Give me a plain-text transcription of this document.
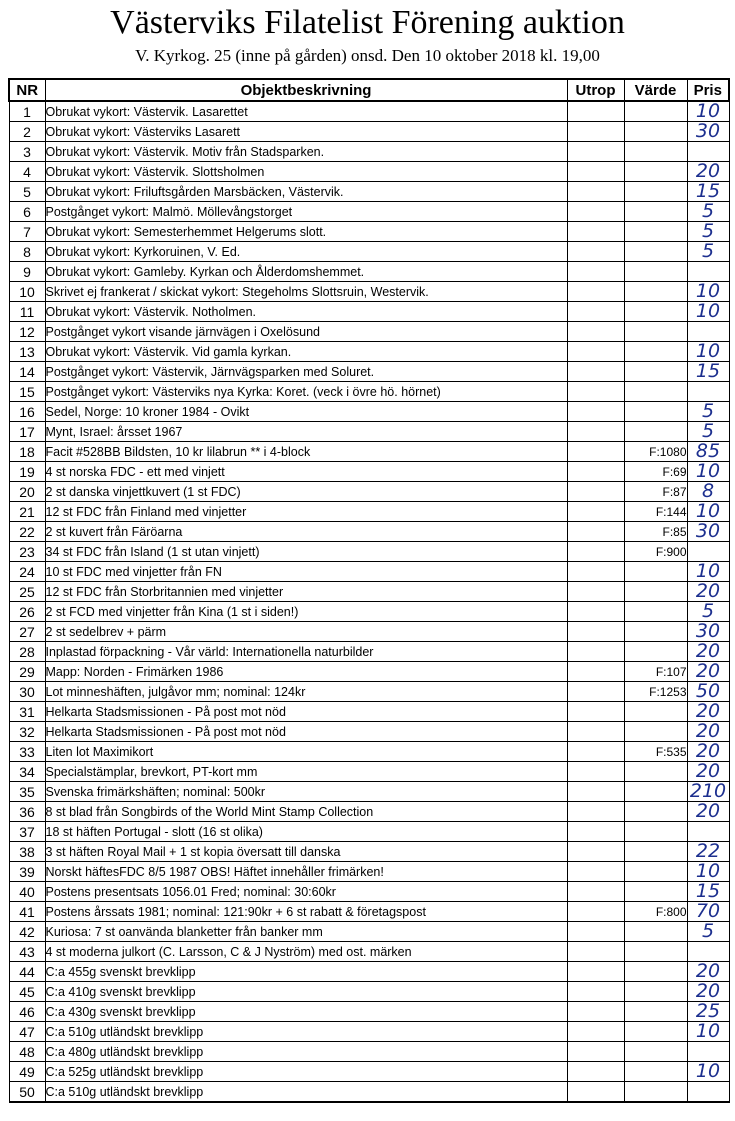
Västerviks Filatelist Förening auktion
V. Kyrkog. 25 (inne på gården) onsd. Den 10 oktober 2018 kl. 19,00
NR	Objektbeskrivning	Utrop	Värde	Pris
1	Obrukat vykort: Västervik. Lasarettet			10
2	Obrukat vykort: Västerviks Lasarett			30
3	Obrukat vykort: Västervik. Motiv från Stadsparken.			
4	Obrukat vykort: Västervik. Slottsholmen			20
5	Obrukat vykort: Friluftsgården Marsbäcken, Västervik.			15
6	Postgånget vykort: Malmö. Möllevångstorget			5
7	Obrukat vykort: Semesterhemmet Helgerums slott.			5
8	Obrukat vykort: Kyrkoruinen, V. Ed.			5
9	Obrukat vykort: Gamleby. Kyrkan och Ålderdomshemmet.			
10	Skrivet ej frankerat / skickat vykort: Stegeholms Slottsruin, Westervik.			10
11	Obrukat vykort: Västervik. Notholmen.			10
12	Postgånget vykort visande järnvägen i Oxelösund			
13	Obrukat vykort: Västervik. Vid gamla kyrkan.			10
14	Postgånget vykort: Västervik, Järnvägsparken med Soluret.			15
15	Postgånget vykort: Västerviks nya Kyrka: Koret. (veck i övre hö. hörnet)			
16	Sedel, Norge: 10 kroner 1984 - Ovikt			5
17	Mynt, Israel: årsset 1967			5
18	Facit #528BB Bildsten, 10 kr lilabrun ** i 4-block		F:1080	85
19	4 st norska FDC - ett med vinjett		F:69	10
20	2 st danska vinjettkuvert (1 st FDC)		F:87	8
21	12 st FDC från Finland med vinjetter		F:144	10
22	2 st kuvert från Färöarna		F:85	30
23	34 st FDC från Island (1 st utan vinjett)		F:900	
24	10 st FDC med vinjetter från FN			10
25	12 st FDC från Storbritannien med vinjetter			20
26	2 st FCD med vinjetter från Kina (1 st i siden!)			5
27	2 st sedelbrev + pärm			30
28	Inplastad förpackning - Vår värld: Internationella naturbilder			20
29	Mapp: Norden - Frimärken 1986		F:107	20
30	Lot minneshäften, julgåvor mm; nominal: 124kr		F:1253	50
31	Helkarta Stadsmissionen - På post mot nöd			20
32	Helkarta Stadsmissionen - På post mot nöd			20
33	Liten lot Maximikort		F:535	20
34	Specialstämplar, brevkort, PT-kort mm			20
35	Svenska frimärkshäften; nominal: 500kr			210
36	8 st blad från Songbirds of the World Mint Stamp Collection			20
37	18 st häften Portugal - slott (16 st olika)			
38	3 st häften Royal Mail + 1 st kopia översatt till danska			22
39	Norskt häftesFDC 8/5 1987 OBS! Häftet innehåller frimärken!			10
40	Postens presentsats 1056.01 Fred; nominal: 30:60kr			15
41	Postens årssats 1981; nominal: 121:90kr + 6 st rabatt & företagspost		F:800	70
42	Kuriosa: 7 st oanvända blanketter från banker mm			5
43	4 st moderna julkort (C. Larsson, C & J Nyström) med ost. märken			
44	C:a 455g svenskt brevklipp			20
45	C:a 410g svenskt brevklipp			20
46	C:a 430g svenskt brevklipp			25
47	C:a 510g utländskt brevklipp			10
48	C:a 480g utländskt brevklipp			
49	C:a 525g utländskt brevklipp			10
50	C:a 510g utländskt brevklipp			
